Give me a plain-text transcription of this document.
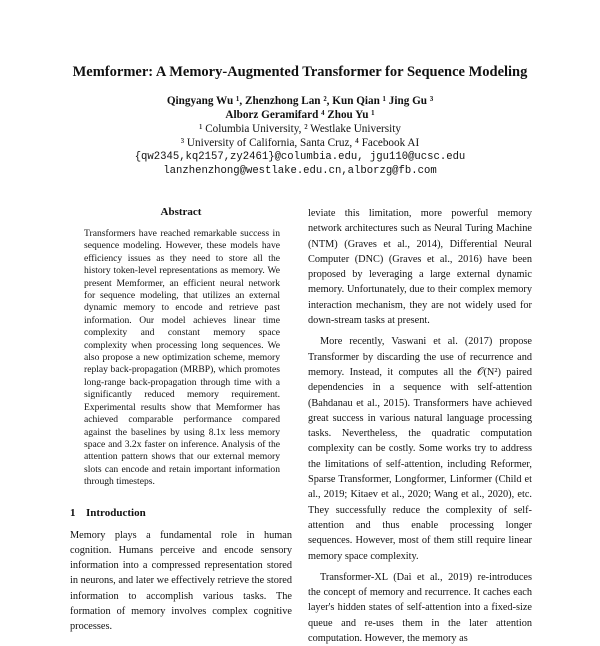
Memformer: A Memory-Augmented Transformer for Sequence Modeling
Qingyang Wu ¹, Zhenzhong Lan ², Kun Qian ¹ Jing Gu ³
Alborz Geramifard ⁴ Zhou Yu ¹
¹ Columbia University, ² Westlake University
³ University of California, Santa Cruz, ⁴ Facebook AI
{qw2345,kq2157,zy2461}@columbia.edu, jgu110@ucsc.edu
lanzhenzhong@westlake.edu.cn,alborzg@fb.com
Abstract

Transformers have reached remarkable success in sequence modeling. However, these models have efficiency issues as they need to store all the history token-level representations as memory. We present Memformer, an efficient neural network for sequence modeling, that utilizes an external dynamic memory to encode and retrieve past information. Our model achieves linear time complexity and constant memory space complexity when processing long sequences. We also propose a new optimization scheme, memory replay back-propagation (MRBP), which promotes long-range back-propagation through time with a significantly reduced memory requirement. Experimental results show that Memformer has achieved comparable performance compared against the baselines by using 8.1x less memory space and 3.2x faster on inference. Analysis of the attention pattern shows that our external memory slots can encode and retain important information through timesteps.

1 Introduction

Memory plays a fundamental role in human cognition. Humans perceive and encode sensory information into a compressed representation stored in neurons, and later we effectively retrieve the stored information to accomplish various tasks. The formation of memory involves complex cognitive processes.

leviate this limitation, more powerful memory network architectures such as Neural Turing Machine (NTM) (Graves et al., 2014), Differential Neural Computer (DNC) (Graves et al., 2016) have been proposed by leveraging a large external dynamic memory. Unfortunately, due to their complex memory interaction mechanism, they are not widely used for down-stream tasks at present.

More recently, Vaswani et al. (2017) propose Transformer by discarding the use of recurrence and memory. Instead, it computes all the 𝒪(N²) paired dependencies in a sequence with self-attention (Bahdanau et al., 2015). Transformers have achieved great success in various natural language processing tasks. Nevertheless, the quadratic computation complexity can be costly. Some works try to address the limitations of self-attention, including Reformer, Sparse Transformer, Longformer, Linformer (Child et al., 2019; Kitaev et al., 2020; Wang et al., 2020), etc. They successfully reduce the complexity of self-attention and thus enable processing longer sequences. However, most of them still require linear memory space complexity.

Transformer-XL (Dai et al., 2019) re-introduces the concept of memory and recurrence. It caches each layer's hidden states of self-attention into a fixed-size queue and re-uses them in the later attention computation. However, the memory as
